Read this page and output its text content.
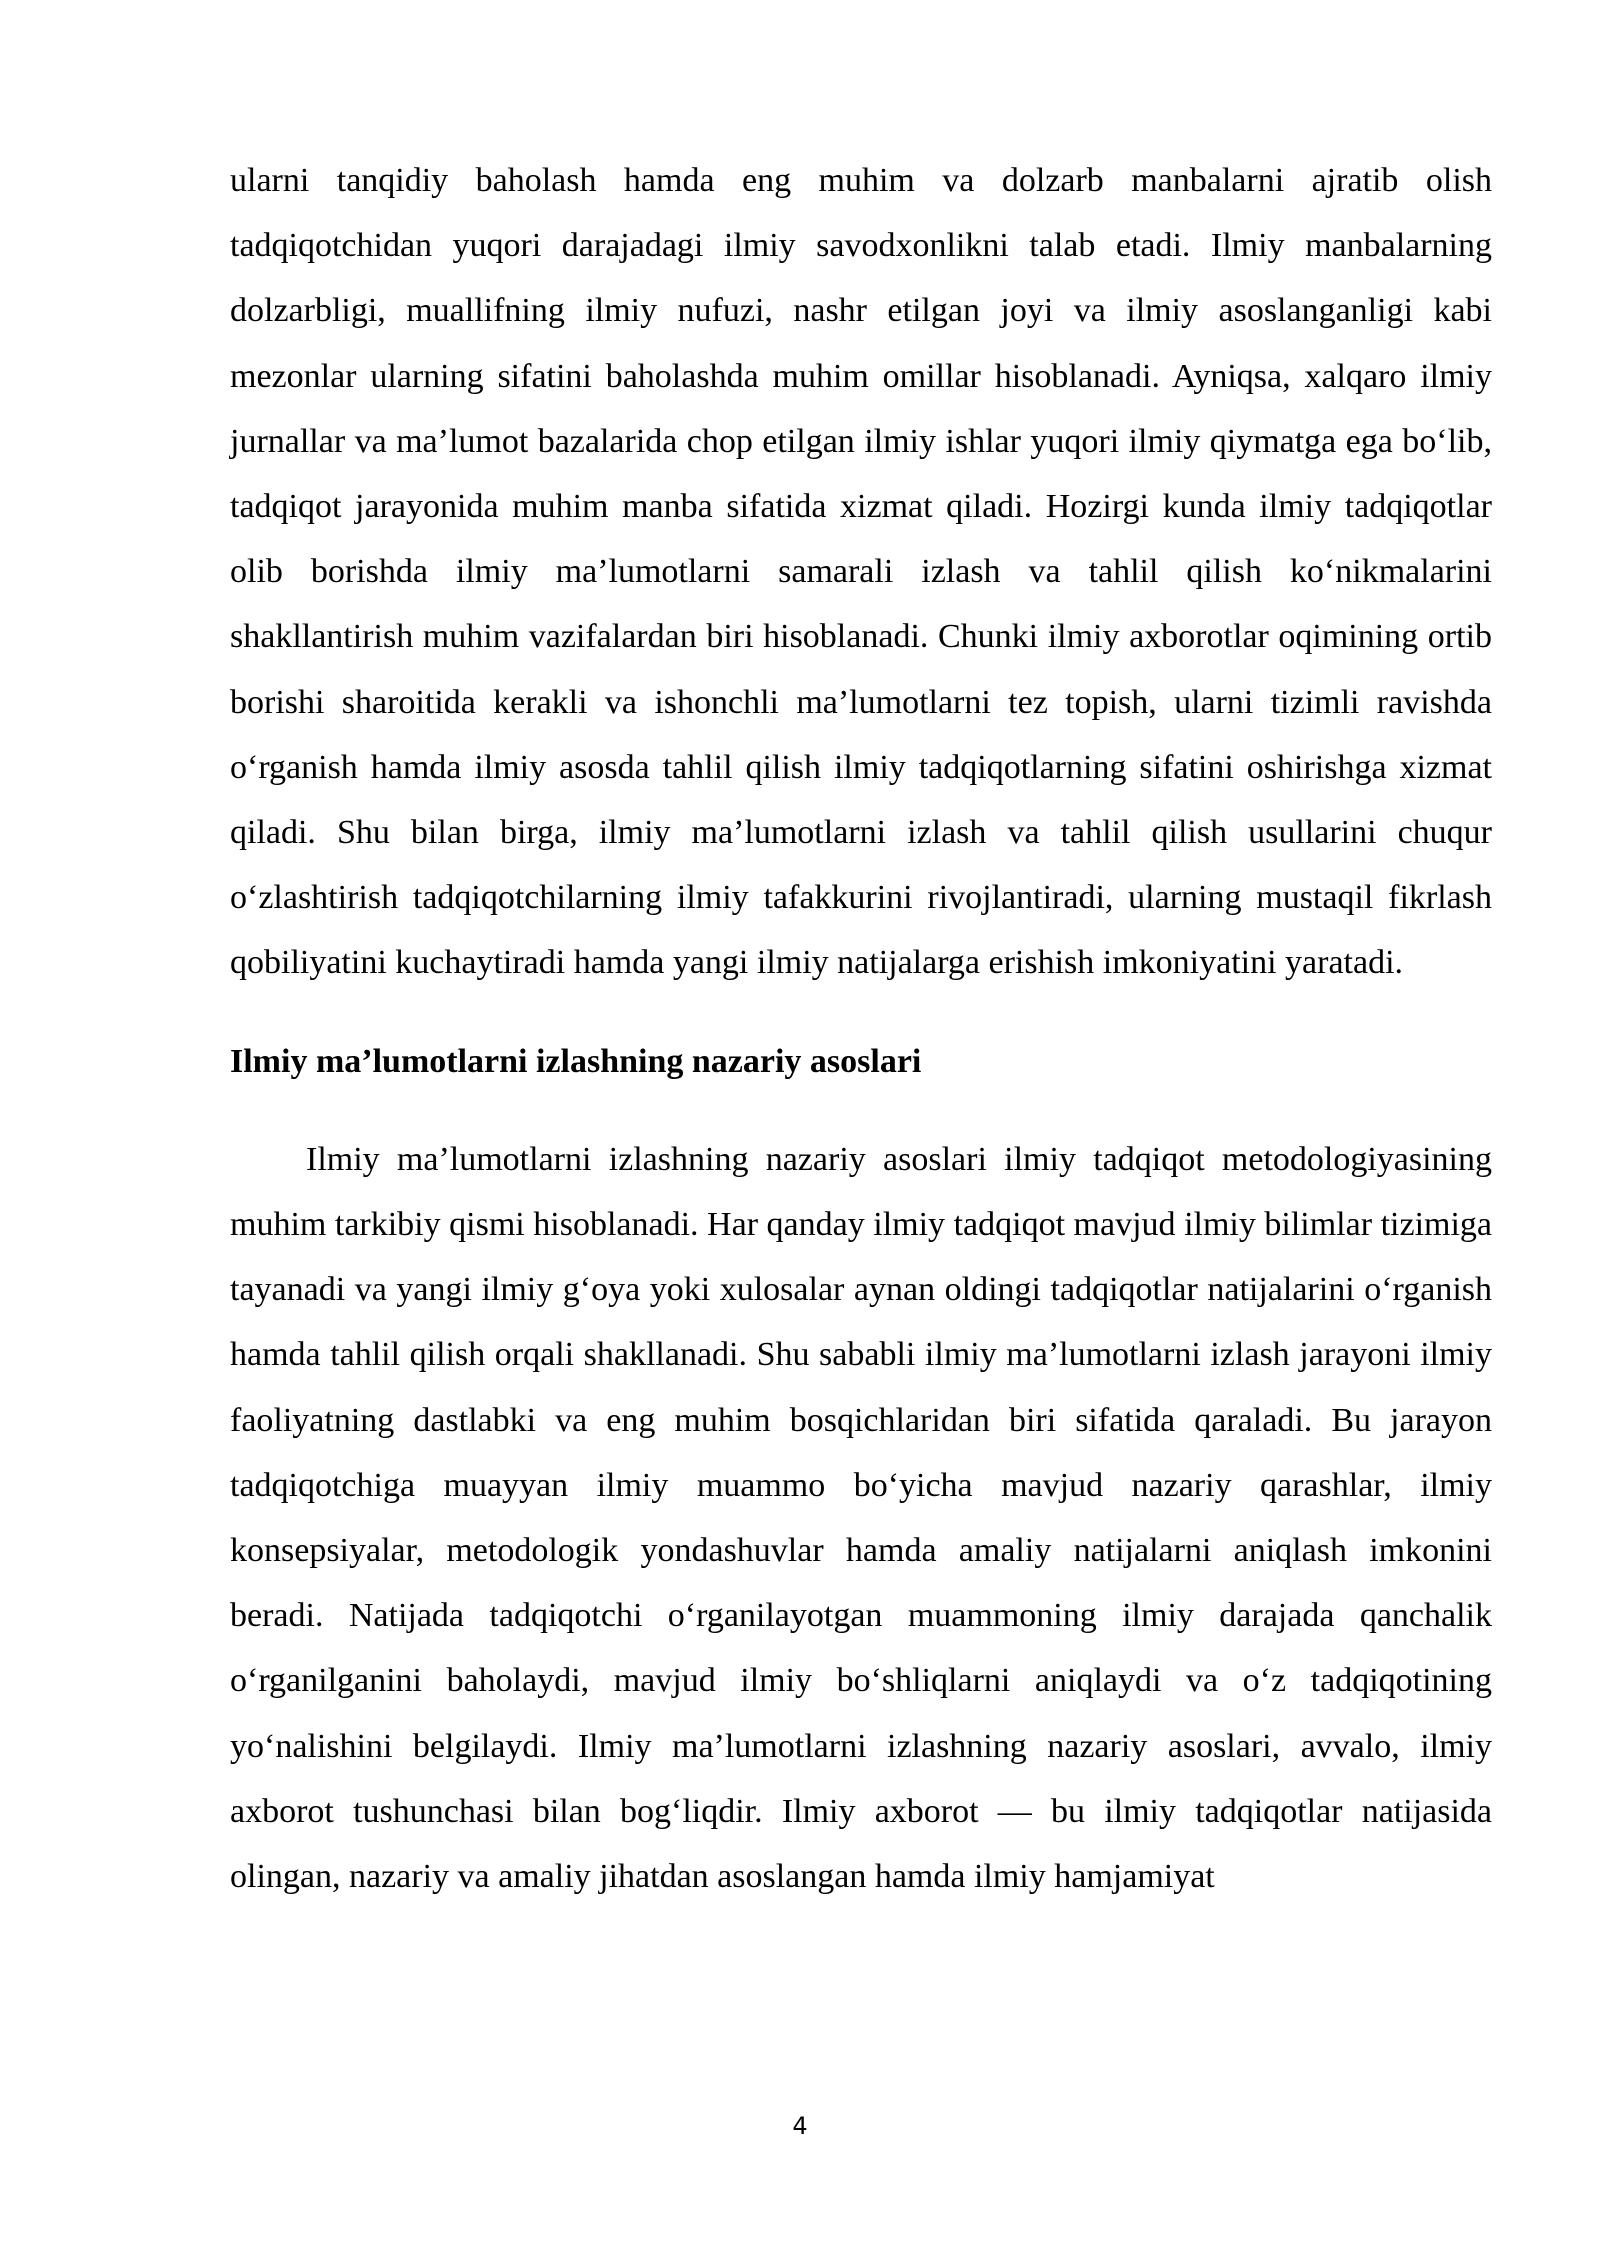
ularni tanqidiy baholash hamda eng muhim va dolzarb manbalarni ajratib olish tadqiqotchidan yuqori darajadagi ilmiy savodxonlikni talab etadi. Ilmiy manbalarning dolzarbligi, muallifning ilmiy nufuzi, nashr etilgan joyi va ilmiy asoslanganligi kabi mezonlar ularning sifatini baholashda muhim omillar hisoblanadi. Ayniqsa, xalqaro ilmiy jurnallar va ma’lumot bazalarida chop etilgan ilmiy ishlar yuqori ilmiy qiymatga ega bo‘lib, tadqiqot jarayonida muhim manba sifatida xizmat qiladi. Hozirgi kunda ilmiy tadqiqotlar olib borishda ilmiy ma’lumotlarni samarali izlash va tahlil qilish ko‘nikmalarini shakllantirish muhim vazifalardan biri hisoblanadi. Chunki ilmiy axborotlar oqimining ortib borishi sharoitida kerakli va ishonchli ma’lumotlarni tez topish, ularni tizimli ravishda o‘rganish hamda ilmiy asosda tahlil qilish ilmiy tadqiqotlarning sifatini oshirishga xizmat qiladi. Shu bilan birga, ilmiy ma’lumotlarni izlash va tahlil qilish usullarini chuqur o‘zlashtirish tadqiqotchilarning ilmiy tafakkurini rivojlantiradi, ularning mustaqil fikrlash qobiliyatini kuchaytiradi hamda yangi ilmiy natijalarga erishish imkoniyatini yaratadi.

Ilmiy ma’lumotlarni izlashning nazariy asoslari

Ilmiy ma’lumotlarni izlashning nazariy asoslari ilmiy tadqiqot metodologiyasining muhim tarkibiy qismi hisoblanadi. Har qanday ilmiy tadqiqot mavjud ilmiy bilimlar tizimiga tayanadi va yangi ilmiy g‘oya yoki xulosalar aynan oldingi tadqiqotlar natijalarini o‘rganish hamda tahlil qilish orqali shakllanadi. Shu sababli ilmiy ma’lumotlarni izlash jarayoni ilmiy faoliyatning dastlabki va eng muhim bosqichlaridan biri sifatida qaraladi. Bu jarayon tadqiqotchiga muayyan ilmiy muammo bo‘yicha mavjud nazariy qarashlar, ilmiy konsepsiyalar, metodologik yondashuvlar hamda amaliy natijalarni aniqlash imkonini beradi. Natijada tadqiqotchi o‘rganilayotgan muammoning ilmiy darajada qanchalik o‘rganilganini baholaydi, mavjud ilmiy bo‘shliqlarni aniqlaydi va o‘z tadqiqotining yo‘nalishini belgilaydi. Ilmiy ma’lumotlarni izlashning nazariy asoslari, avvalo, ilmiy axborot tushunchasi bilan bog‘liqdir. Ilmiy axborot — bu ilmiy tadqiqotlar natijasida olingan, nazariy va amaliy jihatdan asoslangan hamda ilmiy hamjamiyat

4
